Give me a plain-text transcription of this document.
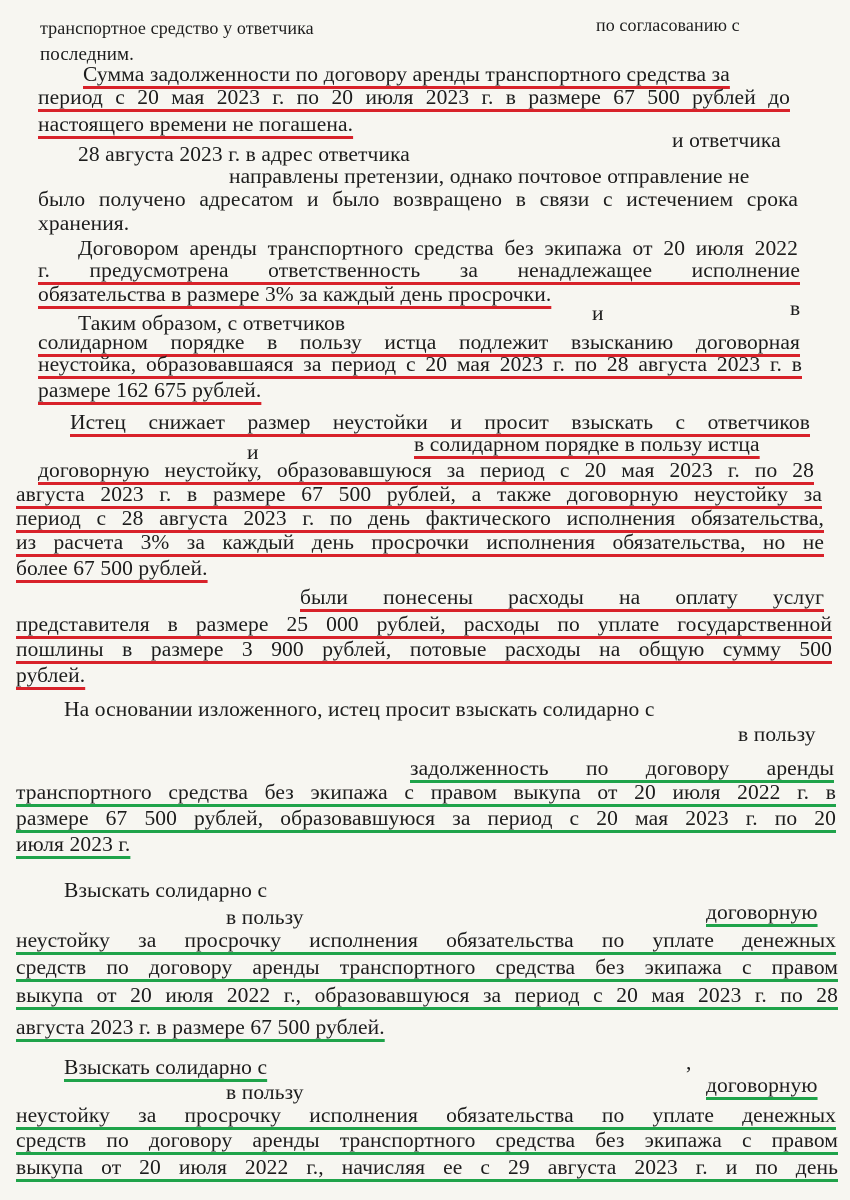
транспортное средство у ответчика	по согласованию с
последним.
Сумма задолженности по договору аренды транспортного средства за
период с 20 мая 2023 г. по 20 июля 2023 г. в размере 67 500 рублей до
настоящего времени не погашена.
28 августа 2023 г. в адрес ответчика
и ответчика
направлены претензии, однако почтовое отправление не
было получено адресатом и было возвращено в связи с истечением срока
хранения.
Договором аренды транспортного средства без экипажа от 20 июля 2022
г. предусмотрена ответственность за ненадлежащее исполнение
обязательства в размере 3% за каждый день просрочки.
Таким образом, с ответчиков	и	в
солидарном порядке в пользу истца подлежит взысканию договорная
неустойка, образовавшаяся за период с 20 мая 2023 г. по 28 августа 2023 г. в
размере 162 675 рублей.
Истец снижает размер неустойки и просит взыскать с ответчиков
и	в солидарном порядке в пользу истца
договорную неустойку, образовавшуюся за период с 20 мая 2023 г. по 28
августа 2023 г. в размере 67 500 рублей, а также договорную неустойку за
период с 28 августа 2023 г. по день фактического исполнения обязательства,
из расчета 3% за каждый день просрочки исполнения обязательства, но не
более 67 500 рублей.
были понесены расходы на оплату услуг
представителя в размере 25 000 рублей, расходы по уплате государственной
пошлины в размере 3 900 рублей, потовые расходы на общую сумму 500
рублей.
На основании изложенного, истец просит взыскать солидарно с
в пользу
задолженность по договору аренды
транспортного средства без экипажа с правом выкупа от 20 июля 2022 г. в
размере 67 500 рублей, образовавшуюся за период с 20 мая 2023 г. по 20
июля 2023 г.
Взыскать солидарно с
в пользу	договорную
неустойку за просрочку исполнения обязательства по уплате денежных
средств по договору аренды транспортного средства без экипажа с правом
выкупа от 20 июля 2022 г., образовавшуюся за период с 20 мая 2023 г. по 28
августа 2023 г. в размере 67 500 рублей.
Взыскать солидарно с	,
в пользу	договорную
неустойку за просрочку исполнения обязательства по уплате денежных
средств по договору аренды транспортного средства без экипажа с правом
выкупа от 20 июля 2022 г., начисляя ее с 29 августа 2023 г. и по день
